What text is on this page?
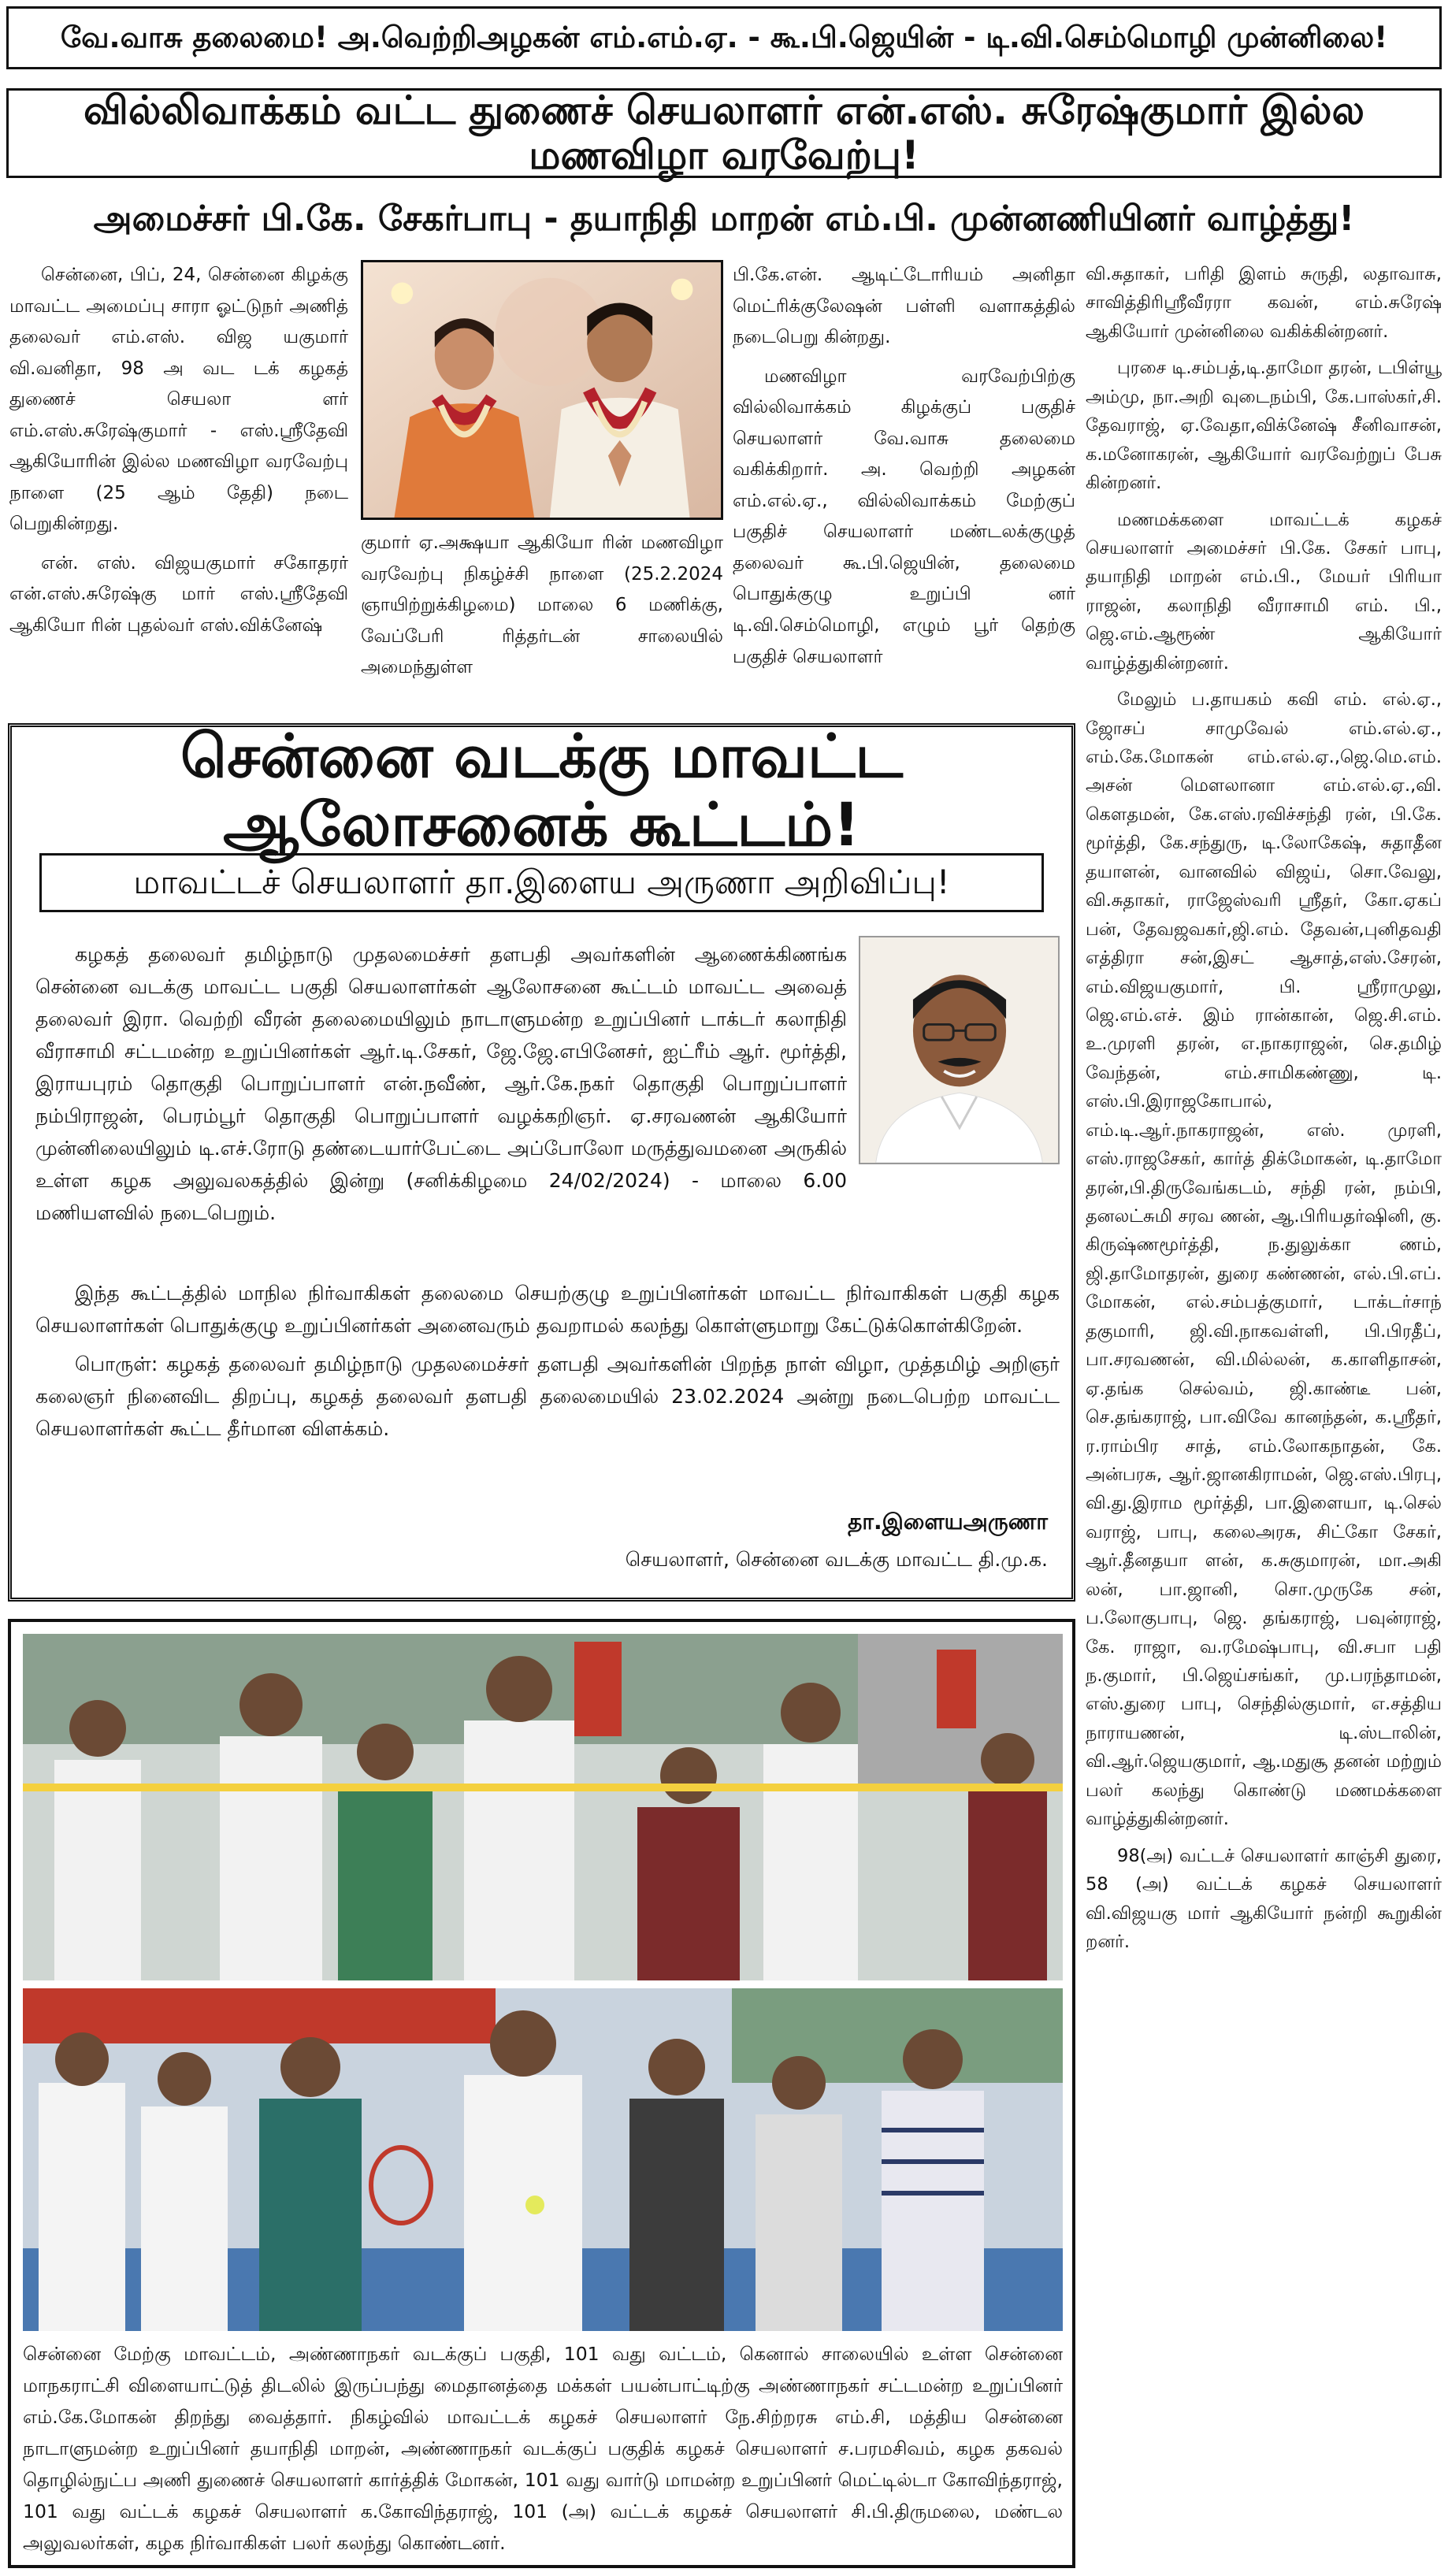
வே.வாசு தலைமை! அ.வெற்றிஅழகன் எம்.எம்.ஏ. - கூ.பி.ஜெயின் - டி.வி.செம்மொழி முன்னிலை!
வில்லிவாக்கம் வட்ட துணைச் செயலாளர் என்.எஸ். சுரேஷ்குமார் இல்ல மணவிழா வரவேற்பு!
அமைச்சர் பி.கே. சேகர்பாபு - தயாநிதி மாறன் எம்.பி. முன்னணியினர் வாழ்த்து!

சென்னை, பிப், 24, சென்னை கிழக்கு மாவட்ட அமைப்பு சாரா ஓட்டுநர் அணித் தலைவர் எம்.எஸ். விஜ யகுமார் வி.வனிதா, 98 அ வட டக் கழகத் துணைச் செயலா ளர் எம்.எஸ்.சுரேஷ்குமார் - எஸ்.ஸ்ரீதேவி ஆகியோரின் இல்ல மணவிழா வரவேற்பு நாளை (25 ஆம் தேதி) நடை பெறுகின்றது.

என். எஸ். விஜயகுமார் சகோதரர் என்.எஸ்.சுரேஷ்கு மார் எஸ்.ஸ்ரீதேவி ஆகியோ ரின் புதல்வர் எஸ்.விக்னேஷ்

குமார் ஏ.அக்ஷயா ஆகியோ ரின் மணவிழா வரவேற்பு நிகழ்ச்சி நாளை (25.2.2024 ஞாயிற்றுக்கிழமை) மாலை 6 மணிக்கு, வேப்பேரி ரித்தர்டன் சாலையில் அமைந்துள்ள

பி.கே.என். ஆடிட்டோரியம் அனிதா மெட்ரிக்குலேஷன் பள்ளி வளாகத்தில் நடைபெறு கின்றது.

மணவிழா வரவேற்பிற்கு வில்லிவாக்கம் கிழக்குப் பகுதிச் செயலாளர் வே.வாசு தலைமை வகிக்கிறார். அ. வெற்றி அழகன் எம்.எல்.ஏ., வில்லிவாக்கம் மேற்குப் பகுதிச் செயலாளர் மண்டலக்குழுத் தலைவர் கூ.பி.ஜெயின், தலைமை பொதுக்குழு உறுப்பி னர் டி.வி.செம்மொழி, எழும் பூர் தெற்கு பகுதிச் செயலாளர்

வி.சுதாகர், பரிதி இளம் சுருதி, லதாவாசு, சாவித்திரிஸ்ரீவீரரா கவன், எம்.சுரேஷ் ஆகியோர் முன்னிலை வகிக்கின்றனர்.

புரசை டி.சம்பத்,டி.தாமோ தரன், டபிள்யூ அம்மு, நா.அறி வுடைநம்பி, கே.பாஸ்கர்,சி. தேவராஜ், ஏ.வேதா,விக்னேஷ் சீனிவாசன், க.மனோகரன், ஆகியோர் வரவேற்றுப் பேசு கின்றனர்.

மணமக்களை மாவட்டக் கழகச் செயலாளர் அமைச்சர் பி.கே. சேகர் பாபு, தயாநிதி மாறன் எம்.பி., மேயர் பிரியா ராஜன், கலாநிதி வீராசாமி எம். பி., ஜெ.எம்.ஆரூண் ஆகியோர் வாழ்த்துகின்றனர்.

மேலும் ப.தாயகம் கவி எம். எல்.ஏ., ஜோசப் சாமுவேல் எம்.எல்.ஏ., எம்.கே.மோகன் எம்.எல்.ஏ.,ஜெ.மெ.எம். அசன் மௌலானா எம்.எல்.ஏ.,வி. கௌதமன், கே.எஸ்.ரவிச்சந்தி ரன், பி.கே. மூர்த்தி, கே.சந்துரு, டி.லோகேஷ், சுதாதீன தயாளன், வானவில் விஜய், சொ.வேலு, வி.சுதாகர், ராஜேஸ்வரி ஸ்ரீதர், கோ.ஏகப் பன், தேவஜவகர்,ஜி.எம். தேவன்,புனிதவதி எத்திரா சன்,இசட் ஆசாத்,எஸ்.சேரன், எம்.விஜயகுமார், பி. ஸ்ரீராமுலு, ஜெ.எம்.எச். இம் ரான்கான், ஜெ.சி.எம். உ.முரளி தரன், எ.நாகராஜன், செ.தமிழ் வேந்தன், எம்.சாமிகண்ணு, டி. எஸ்.பி.இராஜகோபால், எம்.டி.ஆர்.நாகராஜன், எஸ். முரளி, எஸ்.ராஜசேகர், கார்த் திக்மோகன், டி.தாமோ தரன்,பி.திருவேங்கடம், சந்தி ரன், நம்பி, தனலட்சுமி சரவ ணன், ஆ.பிரியதர்ஷினி, கு. கிருஷ்ணமூர்த்தி, ந.துலுக்கா ணம், ஜி.தாமோதரன், துரை கண்ணன், எல்.பி.எப். மோகன், எல்.சம்பத்குமார், டாக்டர்சாந் தகுமாரி, ஜி.வி.நாகவள்ளி, பி.பிரதீப், பா.சரவணன், வி.மில்லன், க.காளிதாசன், ஏ.தங்க செல்வம், ஜி.காண்டீ பன், செ.தங்கராஜ், பா.விவே கானந்தன், க.ஸ்ரீதர், ர.ராம்பிர சாத், எம்.லோகநாதன், கே. அன்பரசு, ஆர்.ஜானகிராமன், ஜெ.எஸ்.பிரபு, வி.து.இராம மூர்த்தி, பா.இளையா, டி.செல் வராஜ், பாபு, கலைஅரசு, சிட்கோ சேகர், ஆர்.தீனதயா ளன், க.சுகுமாரன், மா.அகி லன், பா.ஜானி, சொ.முருகே சன், ப.லோகுபாபு, ஜெ. தங்கராஜ், பவுன்ராஜ், கே. ராஜா, வ.ரமேஷ்பாபு, வி.சபா பதி ந.குமார், பி.ஜெய்சங்கர், மு.பரந்தாமன், எஸ்.துரை பாபு, செந்தில்குமார், எ.சத்திய நாராயணன், டி.ஸ்டாலின், வி.ஆர்.ஜெயகுமார், ஆ.மதுசூ தனன் மற்றும் பலர் கலந்து கொண்டு மணமக்களை வாழ்த்துகின்றனர்.

98(அ) வட்டச் செயலாளர் காஞ்சி துரை, 58 (அ) வட்டக் கழகச் செயலாளர் வி.விஜயகு மார் ஆகியோர் நன்றி கூறுகின் றனர்.

சென்னை வடக்கு மாவட்ட ஆலோசனைக் கூட்டம்!
மாவட்டச் செயலாளர் தா.இளைய அருணா அறிவிப்பு!

கழகத் தலைவர் தமிழ்நாடு முதலமைச்சர் தளபதி அவர்களின் ஆணைக்கிணங்க சென்னை வடக்கு மாவட்ட பகுதி செயலாளர்கள் ஆலோசனை கூட்டம் மாவட்ட அவைத் தலைவர் இரா. வெற்றி வீரன் தலைமையிலும் நாடாளுமன்ற உறுப்பினர் டாக்டர் கலாநிதி வீராசாமி சட்டமன்ற உறுப்பினர்கள் ஆர்.டி.சேகர், ஜே.ஜே.எபினேசர், ஐட்ரீம் ஆர். மூர்த்தி, இராயபுரம் தொகுதி பொறுப்பாளர் என்.நவீண், ஆர்.கே.நகர் தொகுதி பொறுப்பாளர் நம்பிராஜன், பெரம்பூர் தொகுதி பொறுப்பாளர் வழக்கறிஞர். ஏ.சரவணன் ஆகியோர் முன்னிலையிலும் டி.எச்.ரோடு தண்டையார்பேட்டை அப்போலோ மருத்துவமனை அருகில் உள்ள கழக அலுவலகத்தில் இன்று (சனிக்கிழமை 24/02/2024) - மாலை 6.00 மணியளவில் நடைபெறும்.

இந்த கூட்டத்தில் மாநில நிர்வாகிகள் தலைமை செயற்குழு உறுப்பினர்கள் மாவட்ட நிர்வாகிகள் பகுதி கழக செயலாளர்கள் பொதுக்குழு உறுப்பினர்கள் அனைவரும் தவறாமல் கலந்து கொள்ளுமாறு கேட்டுக்கொள்கிறேன்.

பொருள்: கழகத் தலைவர் தமிழ்நாடு முதலமைச்சர் தளபதி அவர்களின் பிறந்த நாள் விழா, முத்தமிழ் அறிஞர் கலைஞர் நினைவிட திறப்பு, கழகத் தலைவர் தளபதி தலைமையில் 23.02.2024 அன்று நடைபெற்ற மாவட்ட செயலாளர்கள் கூட்ட தீர்மான விளக்கம்.

தா.இளையஅருணா
செயலாளர், சென்னை வடக்கு மாவட்ட தி.மு.க.
சென்னை மேற்கு மாவட்டம், அண்ணாநகர் வடக்குப் பகுதி, 101 வது வட்டம், கெனால் சாலையில் உள்ள சென்னை மாநகராட்சி விளையாட்டுத் திடலில் இருப்பந்து மைதானத்தை மக்கள் பயன்பாட்டிற்கு அண்ணாநகர் சட்டமன்ற உறுப்பினர் எம்.கே.மோகன் திறந்து வைத்தார். நிகழ்வில் மாவட்டக் கழகச் செயலாளர் நே.சிற்றரசு எம்.சி, மத்திய சென்னை நாடாளுமன்ற உறுப்பினர் தயாநிதி மாறன், அண்ணாநகர் வடக்குப் பகுதிக் கழகச் செயலாளர் ச.பரமசிவம், கழக தகவல் தொழில்நுட்ப அணி துணைச் செயலாளர் கார்த்திக் மோகன், 101 வது வார்டு மாமன்ற உறுப்பினர் மெட்டில்டா கோவிந்தராஜ், 101 வது வட்டக் கழகச் செயலாளர் க.கோவிந்தராஜ், 101 (அ) வட்டக் கழகச் செயலாளர் சி.பி.திருமலை, மண்டல அலுவலர்கள், கழக நிர்வாகிகள் பலர் கலந்து கொண்டனர்.
